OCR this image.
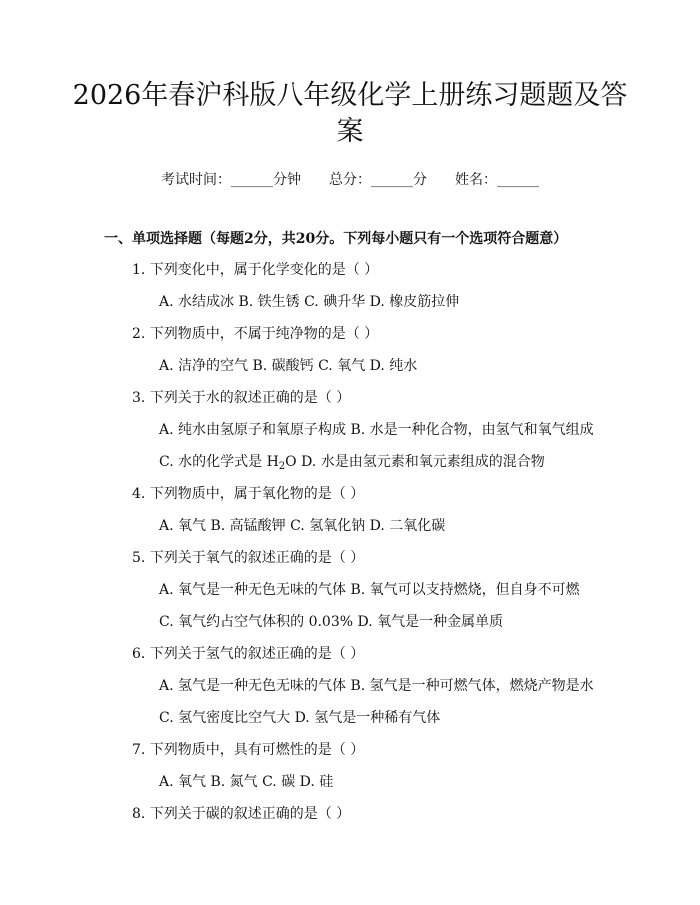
2026年春沪科版八年级化学上册练习题题及答案
考试时间：______分钟 总分：______分 姓名：______
一、单项选择题（每题2分，共20分。下列每小题只有一个选项符合题意）
1. 下列变化中，属于化学变化的是（ ）
A. 水结成冰 B. 铁生锈 C. 碘升华 D. 橡皮筋拉伸
2. 下列物质中，不属于纯净物的是（ ）
A. 洁净的空气 B. 碳酸钙 C. 氧气 D. 纯水
3. 下列关于水的叙述正确的是（ ）
A. 纯水由氢原子和氧原子构成 B. 水是一种化合物，由氢气和氧气组成
C. 水的化学式是 $H_2O$ D. 水是由氢元素和氧元素组成的混合物
4. 下列物质中，属于氧化物的是（ ）
A. 氧气 B. 高锰酸钾 C. 氢氧化钠 D. 二氧化碳
5. 下列关于氧气的叙述正确的是（ ）
A. 氧气是一种无色无味的气体 B. 氧气可以支持燃烧，但自身不可燃
C. 氧气约占空气体积的 0.03% D. 氧气是一种金属单质
6. 下列关于氢气的叙述正确的是（ ）
A. 氢气是一种无色无味的气体 B. 氢气是一种可燃气体，燃烧产物是水
C. 氢气密度比空气大 D. 氢气是一种稀有气体
7. 下列物质中，具有可燃性的是（ ）
A. 氧气 B. 氮气 C. 碳 D. 硅
8. 下列关于碳的叙述正确的是（ ）
